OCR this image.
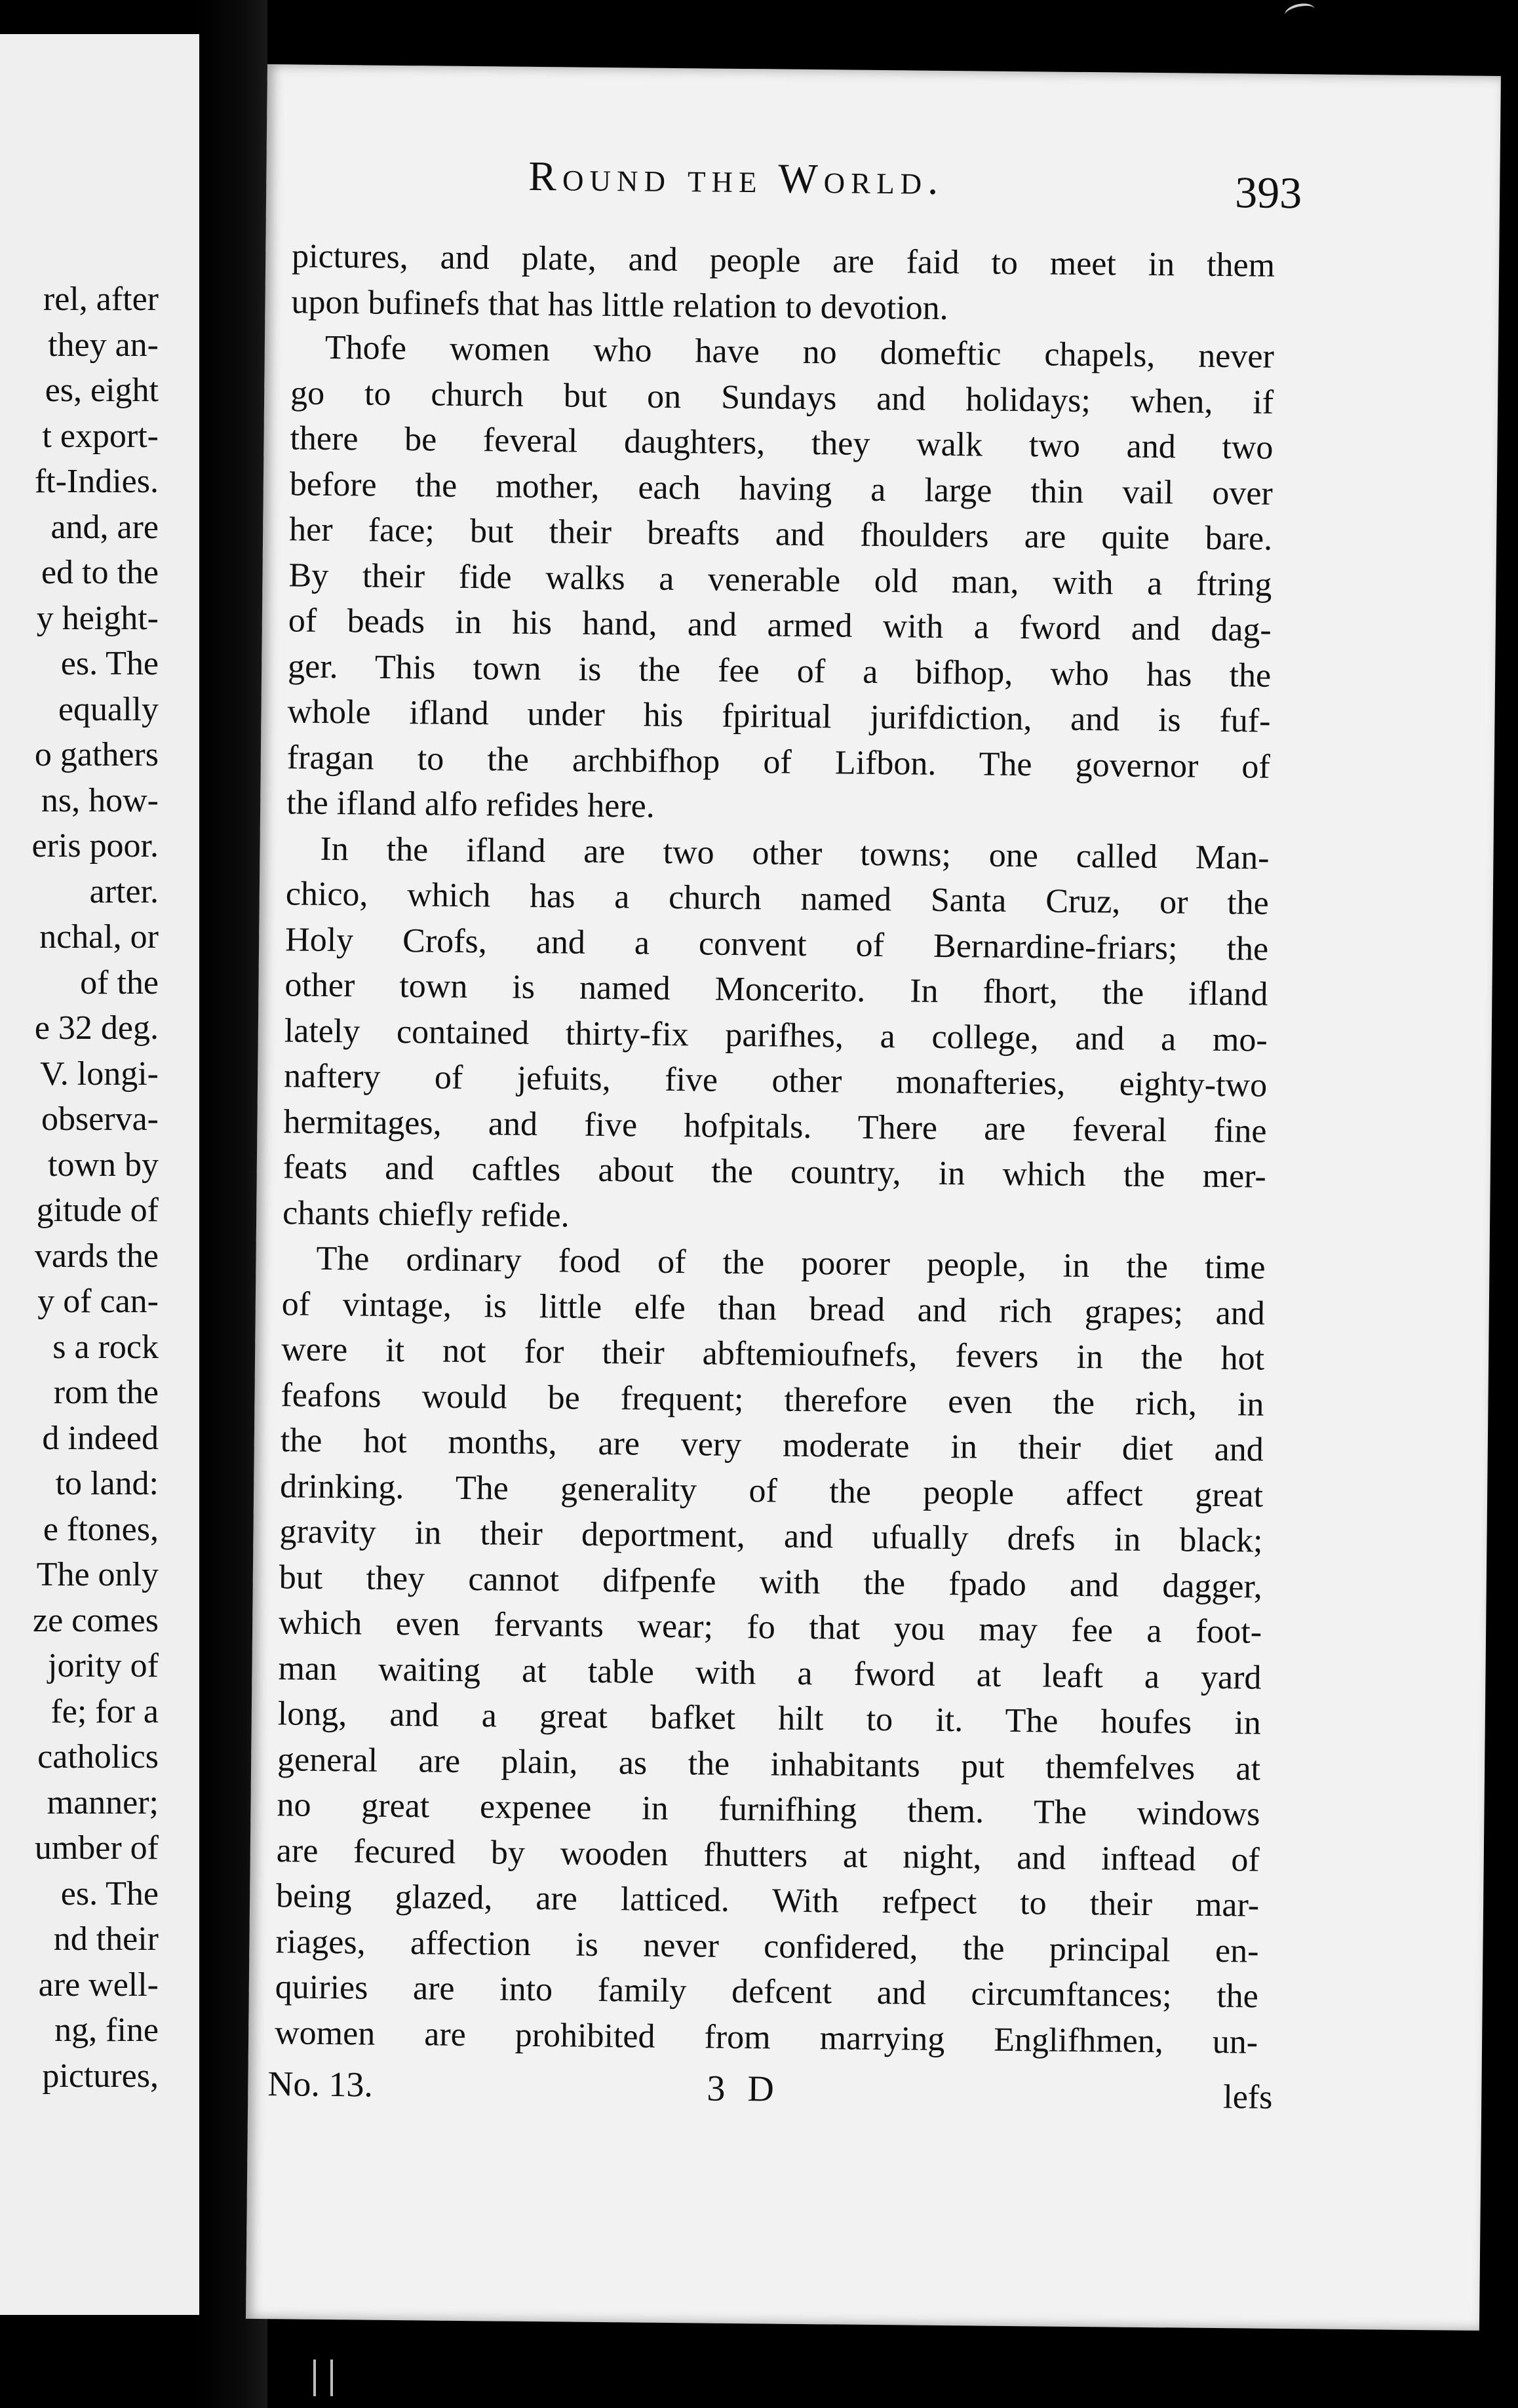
rel, after
they an-
es, eight
t export-
ft-Indies.
and, are
ed to the
y height-
es. The
equally
o gathers
ns, how-
eris poor.
arter.
nchal, or
of the
e 32 deg.
V. longi-
observa-
town by
gitude of
vards the
y of can-
s a rock
rom the
d indeed
to land:
e ftones,
The only
ze comes
jority of
fe; for a
catholics
manner;
umber of
es. The
nd their
are well-
ng, fine
pictures,
Round the World.	393
pictures, and plate, and people are faid to meet in them
upon bufinefs that has little relation to devotion.
Thofe women who have no domeftic chapels, never
go to church but on Sundays and holidays; when, if
there be feveral daughters, they walk two and two
before the mother, each having a large thin vail over
her face; but their breafts and fhoulders are quite bare.
By their fide walks a venerable old man, with a ftring
of beads in his hand, and armed with a fword and dag-
ger. This town is the fee of a bifhop, who has the
whole ifland under his fpiritual jurifdiction, and is fuf-
fragan to the archbifhop of Lifbon. The governor of
the ifland alfo refides here.
In the ifland are two other towns; one called Man-
chico, which has a church named Santa Cruz, or the
Holy Crofs, and a convent of Bernardine-friars; the
other town is named Moncerito. In fhort, the ifland
lately contained thirty-fix parifhes, a college, and a mo-
naftery of jefuits, five other monafteries, eighty-two
hermitages, and five hofpitals. There are feveral fine
feats and caftles about the country, in which the mer-
chants chiefly refide.
The ordinary food of the poorer people, in the time
of vintage, is little elfe than bread and rich grapes; and
were it not for their abftemioufnefs, fevers in the hot
feafons would be frequent; therefore even the rich, in
the hot months, are very moderate in their diet and
drinking. The generality of the people affect great
gravity in their deportment, and ufually drefs in black;
but they cannot difpenfe with the fpado and dagger,
which even fervants wear; fo that you may fee a foot-
man waiting at table with a fword at leaft a yard
long, and a great bafket hilt to it. The houfes in
general are plain, as the inhabitants put themfelves at
no great expenee in furnifhing them. The windows
are fecured by wooden fhutters at night, and inftead of
being glazed, are latticed. With refpect to their mar-
riages, affection is never confidered, the principal en-
quiries are into family defcent and circumftances; the
women are prohibited from marrying Englifhmen, un-
No. 13.	3 D	lefs
